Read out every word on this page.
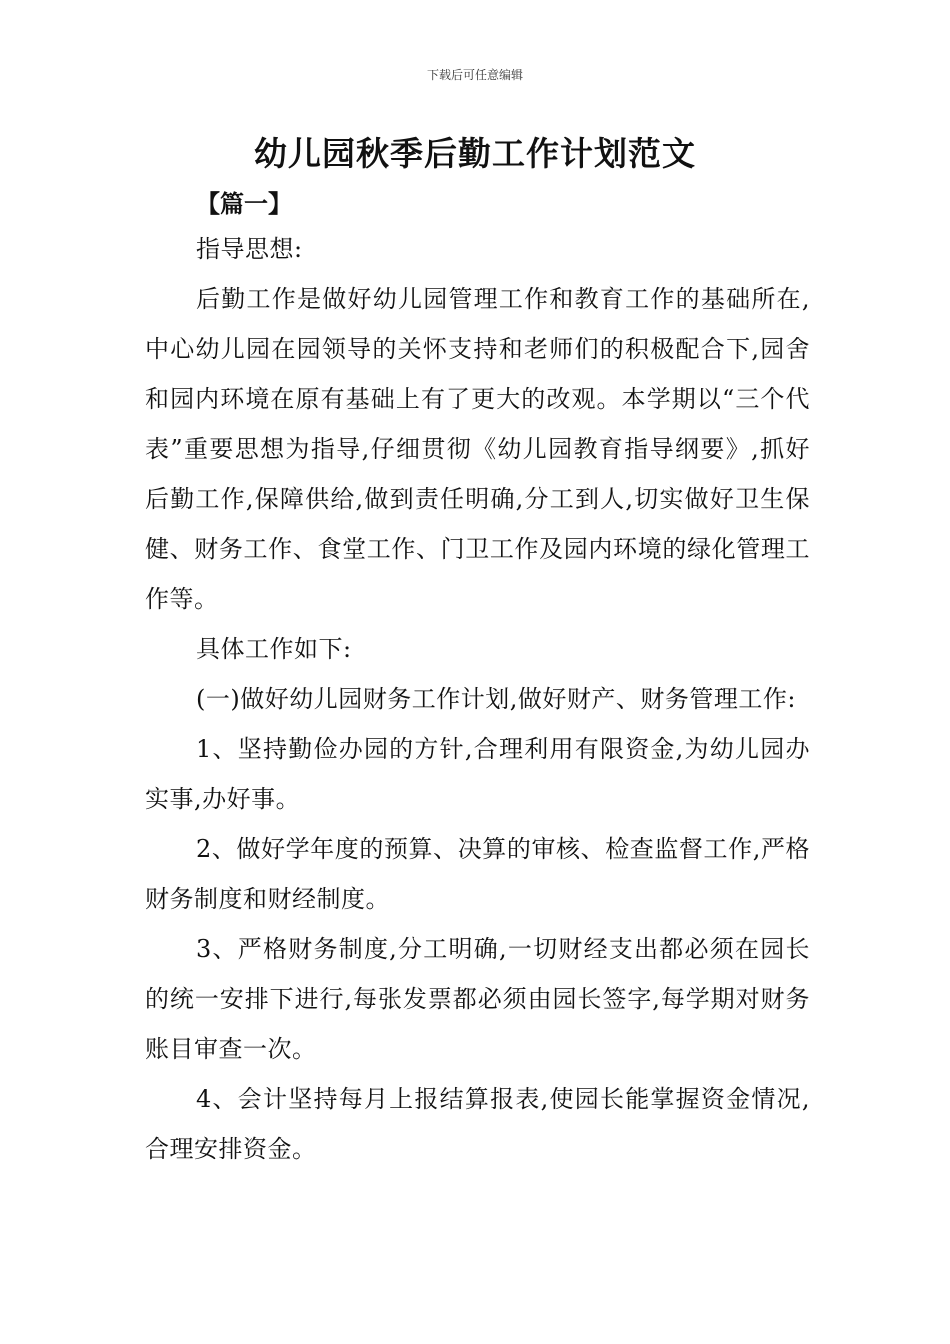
下载后可任意编辑
幼儿园秋季后勤工作计划范文
【篇一】

指导思想:

后勤工作是做好幼儿园管理工作和教育工作的基础所在,中心幼儿园在园领导的关怀支持和老师们的积极配合下,园舍和园内环境在原有基础上有了更大的改观。本学期以“三个代表”重要思想为指导,仔细贯彻《幼儿园教育指导纲要》,抓好后勤工作,保障供给,做到责任明确,分工到人,切实做好卫生保健、财务工作、食堂工作、门卫工作及园内环境的绿化管理工作等。

具体工作如下:

(一)做好幼儿园财务工作计划,做好财产、财务管理工作:

1、坚持勤俭办园的方针,合理利用有限资金,为幼儿园办实事,办好事。

2、做好学年度的预算、决算的审核、检查监督工作,严格财务制度和财经制度。

3、严格财务制度,分工明确,一切财经支出都必须在园长的统一安排下进行,每张发票都必须由园长签字,每学期对财务账目审查一次。

4、会计坚持每月上报结算报表,使园长能掌握资金情况,合理安排资金。
